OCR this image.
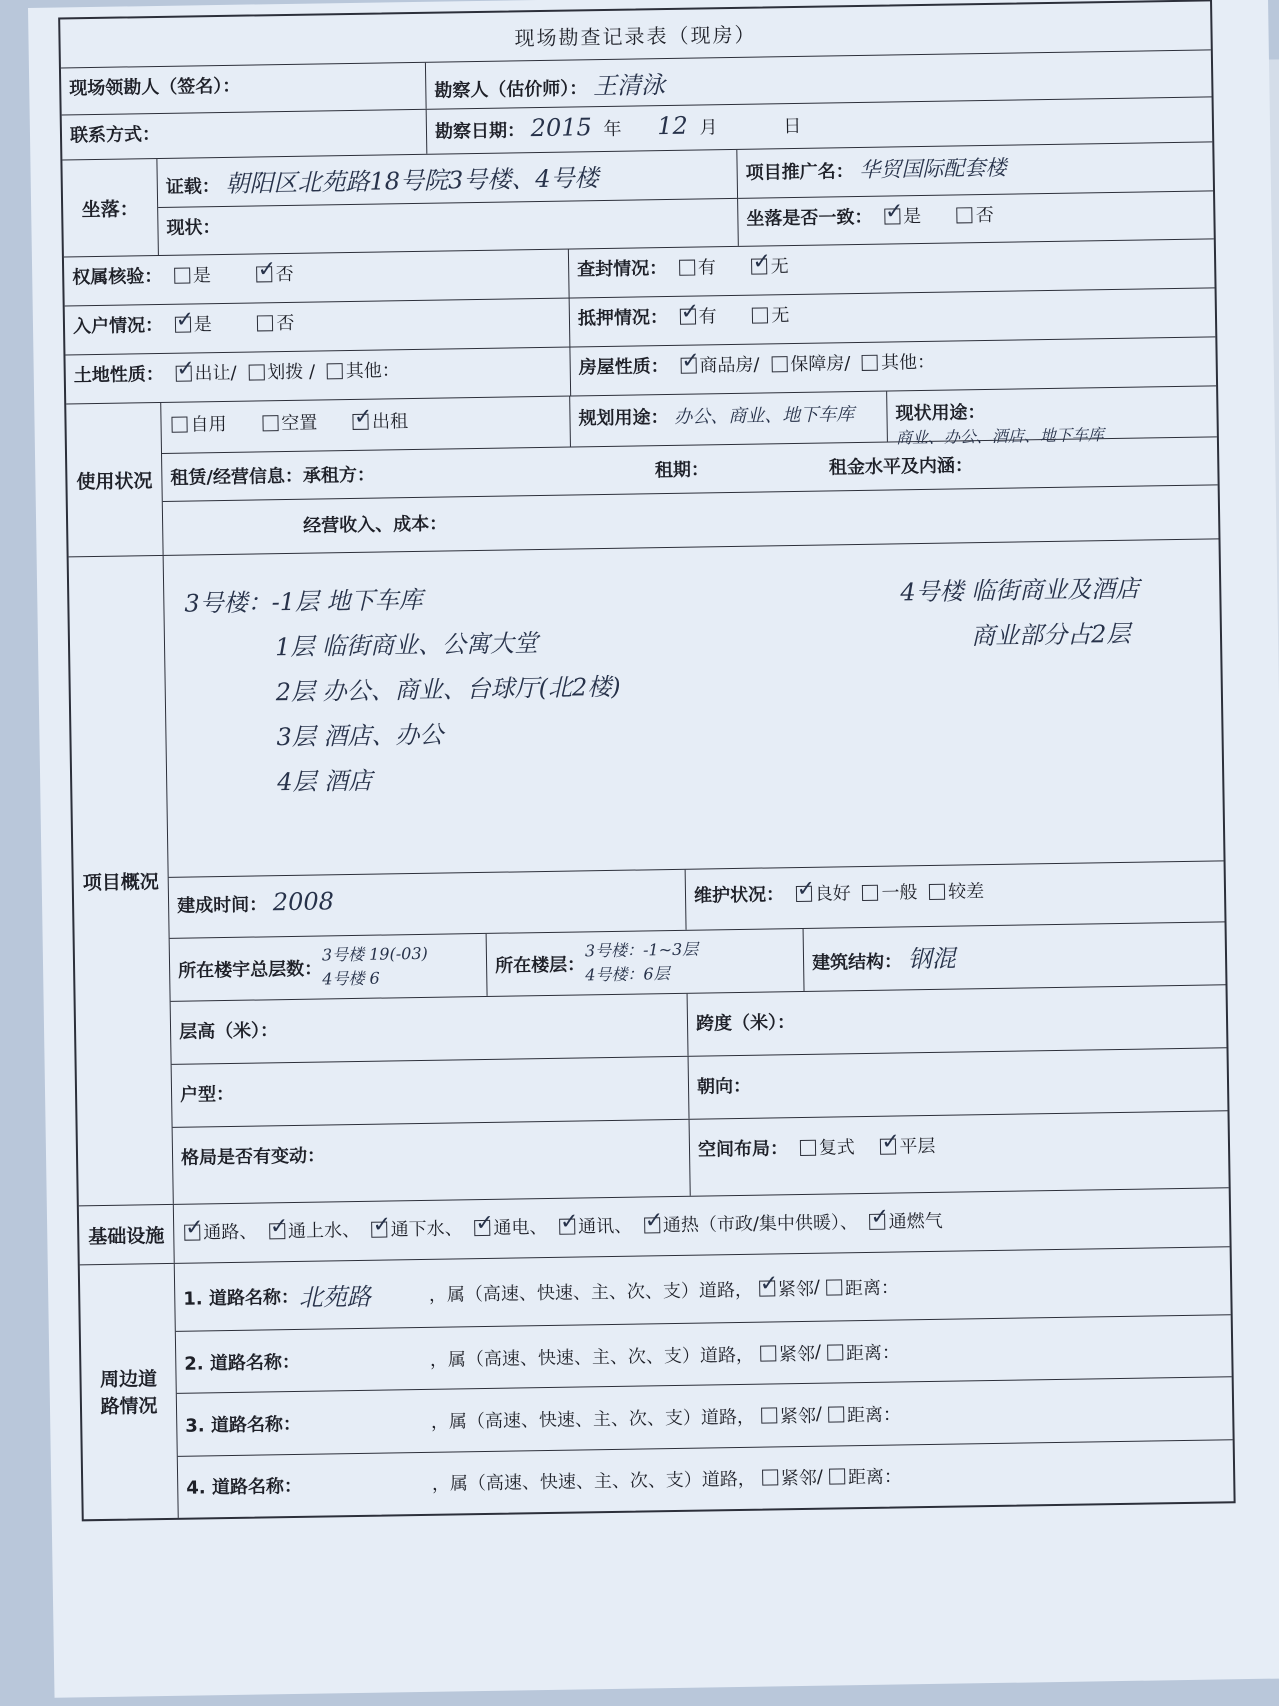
现场勘查记录表（现房）
现场领勘人（签名）：	勘察人（估价师）： 王清泳
联系方式：	勘察日期： 2015 年 12 月	日
坐落：
证载： 朝阳区北苑路18号院3号楼、4号楼
现状：
项目推广名： 华贸国际配套楼
坐落是否一致： ✓ 是	否
权属核验： 是 ✓	否	查封情况： 有 ✓	无
入户情况： ✓ 是	否	抵押情况： ✓ 有	无
土地性质： ✓ 出让/ 划拨 / 其他：	房屋性质： ✓ 商品房/ 保障房/ 其他：
使用状况
自用	空置 ✓	出租	规划用途： 办公、商业、地下车库	现状用途：
商业、办公、酒店、地下车库
租赁/经营信息： 承租方：	租期：	租金水平及内涵：
经营收入、成本：
项目概况
3号楼：-1层 地下车库
1层 临街商业、公寓大堂
2层 办公、商业、台球厅(北2楼)
3层 酒店、办公
4层 酒店
4号楼 临街商业及酒店
商业部分占2层
建成时间： 2008	维护状况： ✓ 良好 一般 较差
所在楼宇总层数：
3号楼 19(-03)
4号楼 6
所在楼层：
3号楼：-1~3层
4号楼：6层
建筑结构： 钢混
层高（米）：	跨度（米）：
户型：	朝向：
格局是否有变动：	空间布局： 复式 ✓ 平层
基础设施 ✓	通路、 ✓ 通上水、 ✓ 通下水、 ✓ 通电、 ✓ 通讯、 ✓ 通热（市政/集中供暖）、 ✓ 通燃气
周边道路情况
1. 道路名称： 北苑路	，属（高速、快速、主、次、支）道路， ✓ 紧邻 / 距离：
2. 道路名称：	，属（高速、快速、主、次、支）道路， 紧邻 / 距离：
3. 道路名称：	，属（高速、快速、主、次、支）道路， 紧邻 / 距离：
4. 道路名称：	，属（高速、快速、主、次、支）道路， 紧邻 / 距离：
